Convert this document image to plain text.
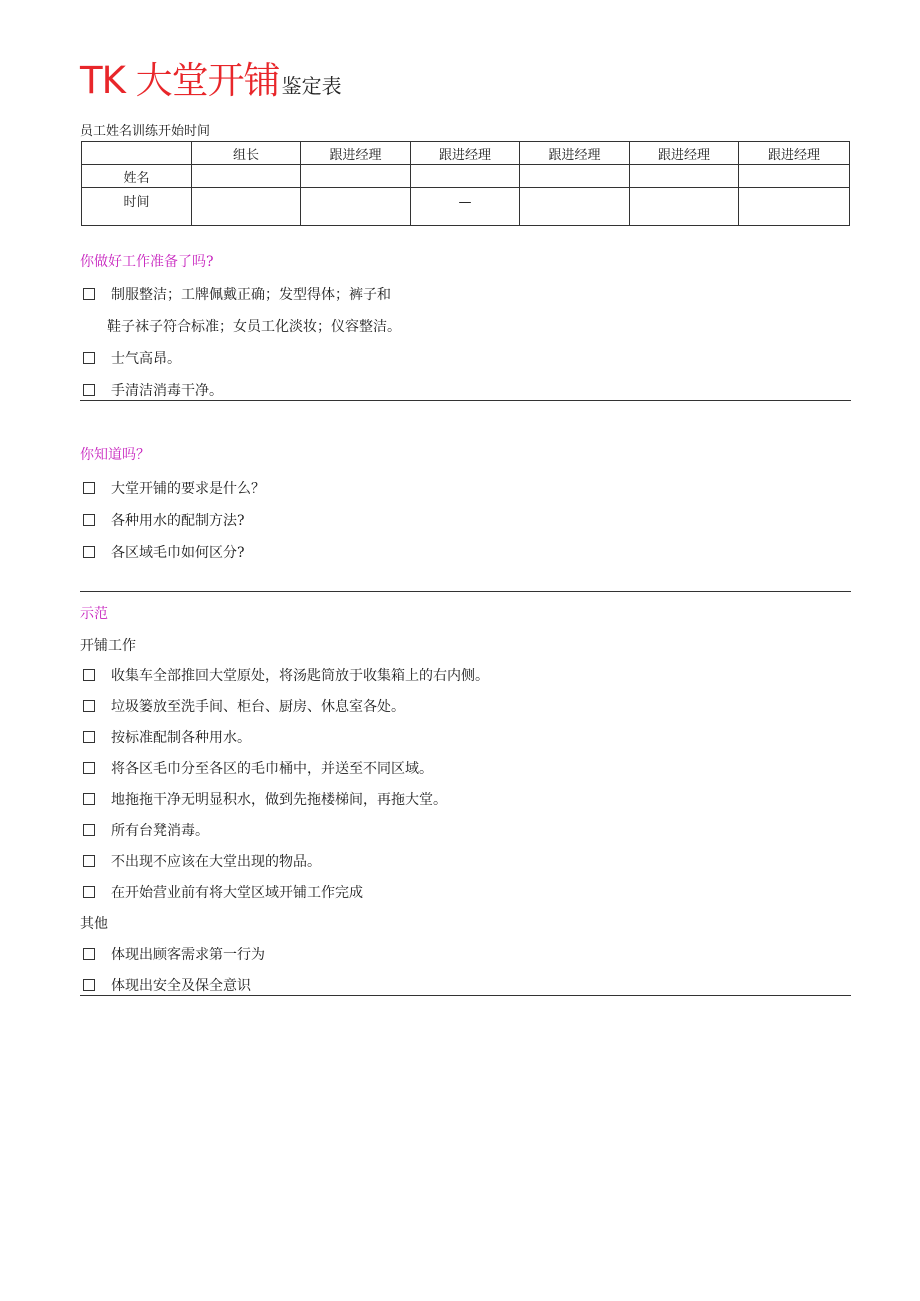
TK 大堂开铺 鉴定表
员工姓名训练开始时间
	组长	跟进经理	跟进经理	跟进经理	跟进经理	跟进经理
姓名						
时间			—			

你做好工作准备了吗?
制服整洁；工牌佩戴正确；发型得体；裤子和
鞋子袜子符合标准；女员工化淡妆；仪容整洁。
士气高昂。
手清洁消毒干净。
你知道吗？
大堂开铺的要求是什么？
各种用水的配制方法?
各区域毛巾如何区分?
示范
开铺工作
收集车全部推回大堂原处，将汤匙筒放于收集箱上的右内侧。
垃圾篓放至洗手间、柜台、厨房、休息室各处。
按标准配制各种用水。
将各区毛巾分至各区的毛巾桶中，并送至不同区域。
地拖拖干净无明显积水，做到先拖楼梯间，再拖大堂。
所有台凳消毒。
不出现不应该在大堂出现的物品。
在开始营业前有将大堂区域开铺工作完成
其他
体现出顾客需求第一行为
体现出安全及保全意识
